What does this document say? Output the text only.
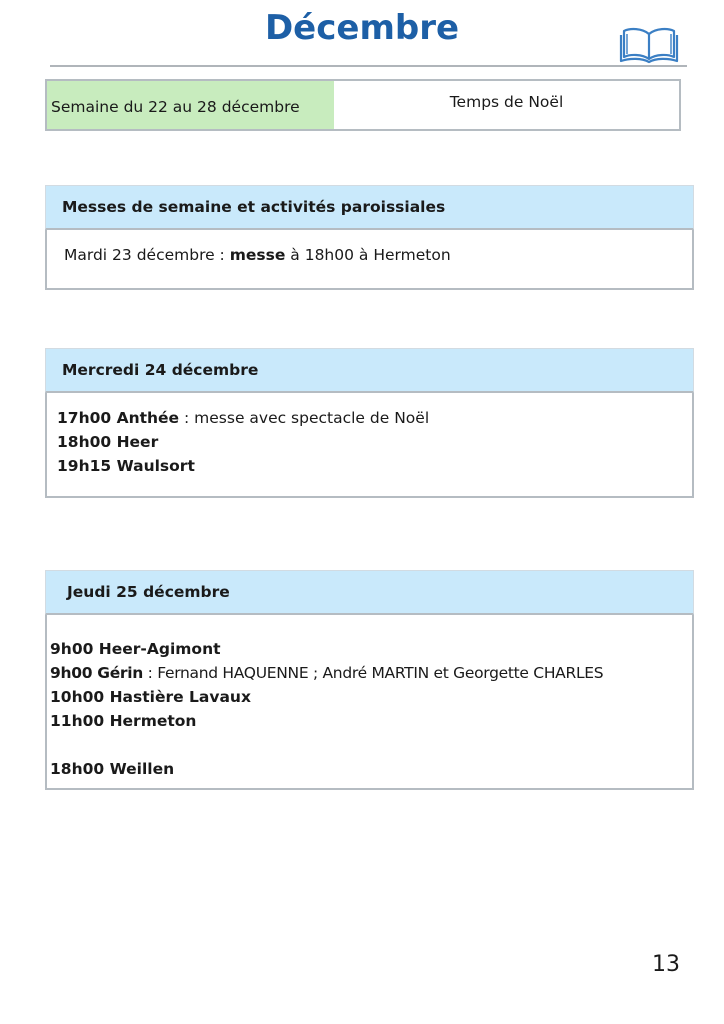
Décembre
Semaine du 22 au 28 décembre	Temps de Noël
Messes de semaine et activités paroissiales
Mardi 23 décembre : messe à 18h00 à Hermeton
Mercredi 24 décembre
17h00 Anthée : messe avec spectacle de Noël
18h00 Heer
19h15 Waulsort
Jeudi 25 décembre
9h00 Heer-Agimont
9h00 Gérin : Fernand HAQUENNE ; André MARTIN et Georgette CHARLES
10h00 Hastière Lavaux
11h00 Hermeton
18h00 Weillen
13
